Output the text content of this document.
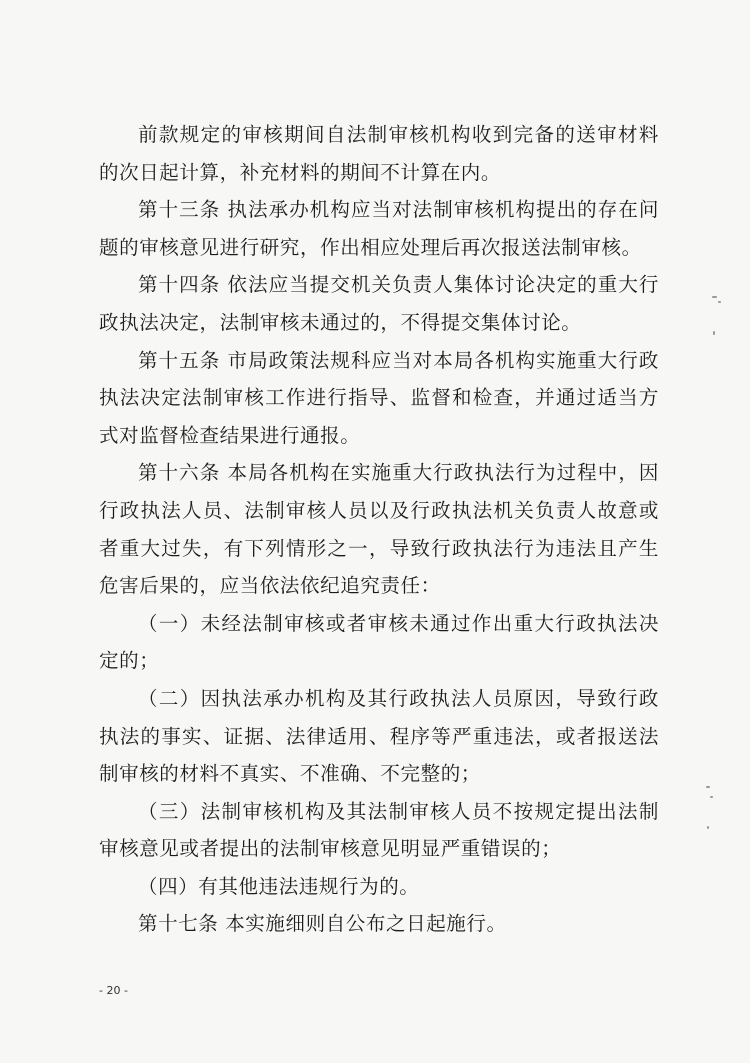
前款规定的审核期间自法制审核机构收到完备的送审材料的次日起计算，补充材料的期间不计算在内。

第十三条 执法承办机构应当对法制审核机构提出的存在问题的审核意见进行研究，作出相应处理后再次报送法制审核。

第十四条 依法应当提交机关负责人集体讨论决定的重大行政执法决定，法制审核未通过的，不得提交集体讨论。

第十五条 市局政策法规科应当对本局各机构实施重大行政执法决定法制审核工作进行指导、监督和检查，并通过适当方式对监督检查结果进行通报。

第十六条 本局各机构在实施重大行政执法行为过程中，因行政执法人员、法制审核人员以及行政执法机关负责人故意或者重大过失，有下列情形之一，导致行政执法行为违法且产生危害后果的，应当依法依纪追究责任：

（一）未经法制审核或者审核未通过作出重大行政执法决定的；

（二）因执法承办机构及其行政执法人员原因，导致行政执法的事实、证据、法律适用、程序等严重违法，或者报送法制审核的材料不真实、不准确、不完整的；

（三）法制审核机构及其法制审核人员不按规定提出法制审核意见或者提出的法制审核意见明显严重错误的；

（四）有其他违法违规行为的。

第十七条 本实施细则自公布之日起施行。

- 20 -
